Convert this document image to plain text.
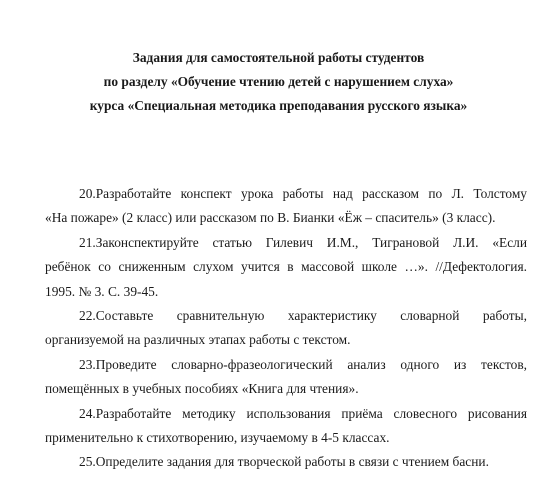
Задания для самостоятельной работы студентов
по разделу «Обучение чтению детей с нарушением слуха»
курса «Специальная методика преподавания русского языка»

20.Разработайте конспект урока работы над рассказом по Л. Толстому

«На пожаре» (2 класс) или рассказом по В. Бианки «Ёж – спаситель» (3 класс).

21.Законспектируйте статью Гилевич И.М., Тиграновой Л.И. «Если

ребёнок со сниженным слухом учится в массовой школе …». //Дефектология.

1995. № 3. С. 39-45.

22.Составьте сравнительную характеристику словарной работы,

организуемой на различных этапах работы с текстом.

23.Проведите словарно-фразеологический анализ одного из текстов,

помещённых в учебных пособиях «Книга для чтения».

24.Разработайте методику использования приёма словесного рисования

применительно к стихотворению, изучаемому в 4-5 классах.

25.Определите задания для творческой работы в связи с чтением басни.
